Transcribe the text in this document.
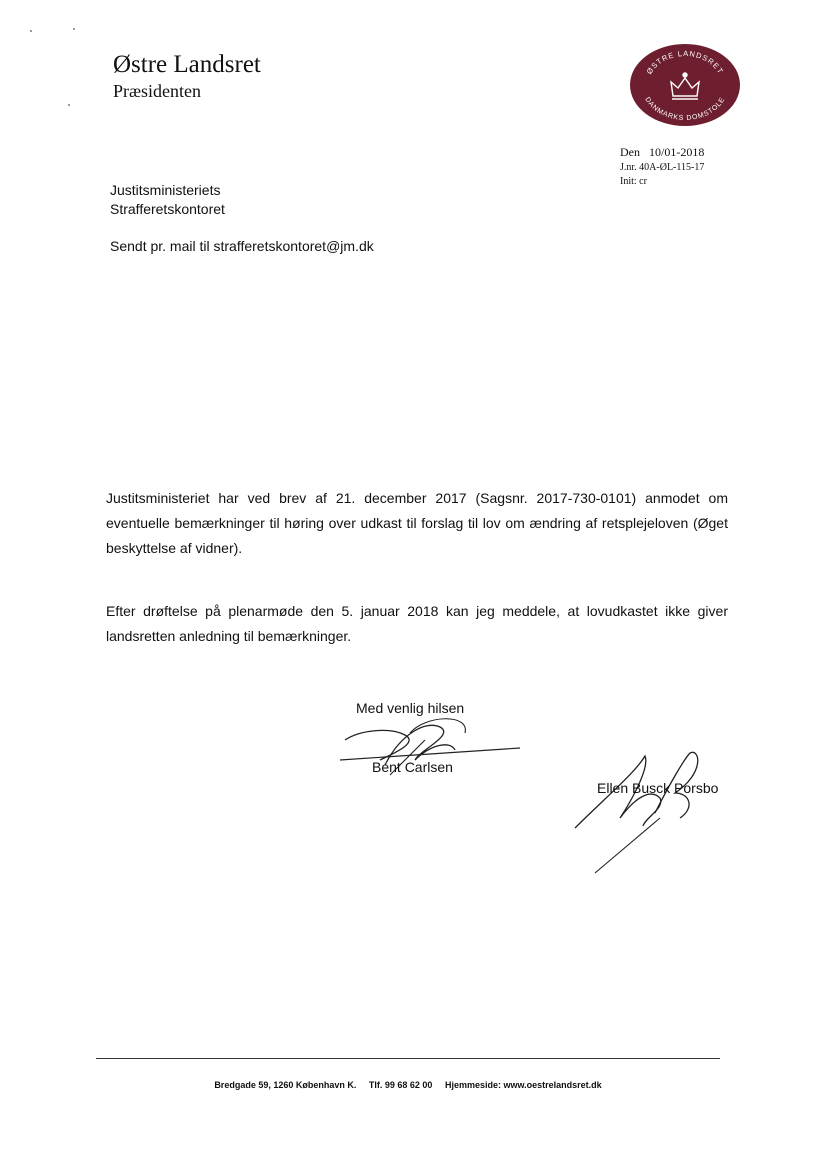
Østre Landsret
Præsidenten
ØSTRE LANDSRET
DANMARKS DOMSTOLE
Den 10/01-2018
J.nr. 40A-ØL-115-17
Init: cr
Justitsministeriets
Strafferetskontoret
Sendt pr. mail til strafferetskontoret@jm.dk
Justitsministeriet har ved brev af 21. december 2017 (Sagsnr. 2017-730-0101) anmodet om eventuelle bemærkninger til høring over udkast til forslag til lov om ændring af retsplejeloven (Øget beskyttelse af vidner).
Efter drøftelse på plenarmøde den 5. januar 2018 kan jeg meddele, at lovudkastet ikke giver landsretten anledning til bemærkninger.
Med venlig hilsen
Bent Carlsen
Ellen Busck Porsbo
Bredgade 59, 1260 København K. Tlf. 99 68 62 00 Hjemmeside: www.oestrelandsret.dk
